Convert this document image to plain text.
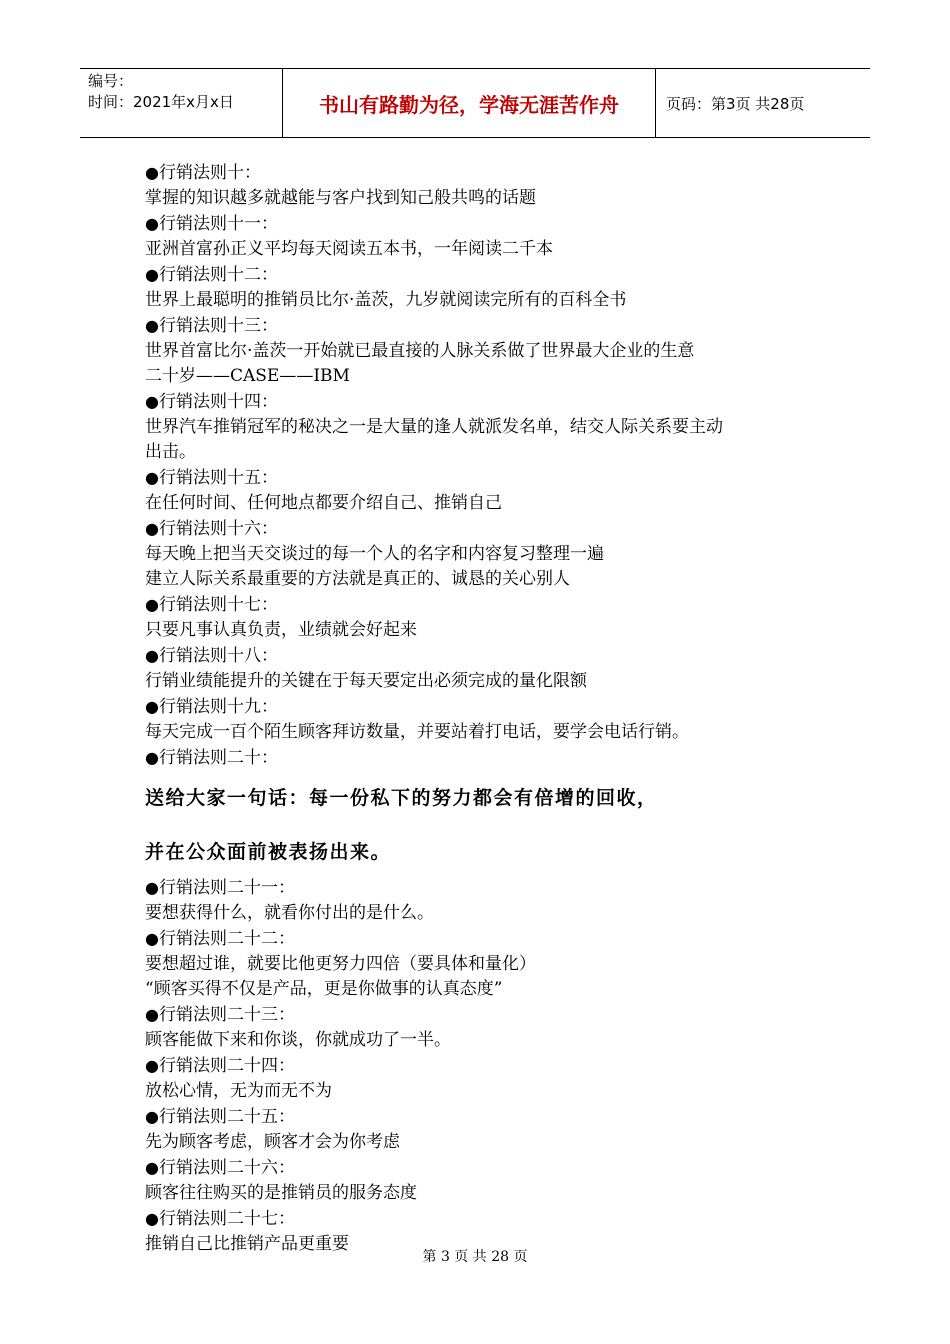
编号：
时间：2021年x月x日	书山有路勤为径，学海无涯苦作舟	页码：第3页 共28页
● 行销法则十：
掌握的知识越多就越能与客户找到知己般共鸣的话题
● 行销法则十一：
亚洲首富孙正义平均每天阅读五本书，一年阅读二千本
● 行销法则十二：
世界上最聪明的推销员比尔·盖茨，九岁就阅读完所有的百科全书
● 行销法则十三：
世界首富比尔·盖茨一开始就已最直接的人脉关系做了世界最大企业的生意
二十岁——CASE——IBM
● 行销法则十四：
世界汽车推销冠军的秘决之一是大量的逢人就派发名单，结交人际关系要主动
出击。
● 行销法则十五：
在任何时间、任何地点都要介绍自己、推销自己
● 行销法则十六：
每天晚上把当天交谈过的每一个人的名字和内容复习整理一遍
建立人际关系最重要的方法就是真正的、诚恳的关心别人
● 行销法则十七：
只要凡事认真负责，业绩就会好起来
● 行销法则十八：
行销业绩能提升的关键在于每天要定出必须完成的量化限额
● 行销法则十九：
每天完成一百个陌生顾客拜访数量，并要站着打电话，要学会电话行销。
● 行销法则二十：
送给大家一句话：每一份私下的努力都会有倍增的回收，
并在公众面前被表扬出来。
● 行销法则二十一：
要想获得什么，就看你付出的是什么。
● 行销法则二十二：
要想超过谁，就要比他更努力四倍（要具体和量化）
“顾客买得不仅是产品，更是你做事的认真态度”
● 行销法则二十三：
顾客能做下来和你谈，你就成功了一半。
● 行销法则二十四：
放松心情，无为而无不为
● 行销法则二十五：
先为顾客考虑，顾客才会为你考虑
● 行销法则二十六：
顾客往往购买的是推销员的服务态度
● 行销法则二十七：
推销自己比推销产品更重要
第 3 页 共 28 页
